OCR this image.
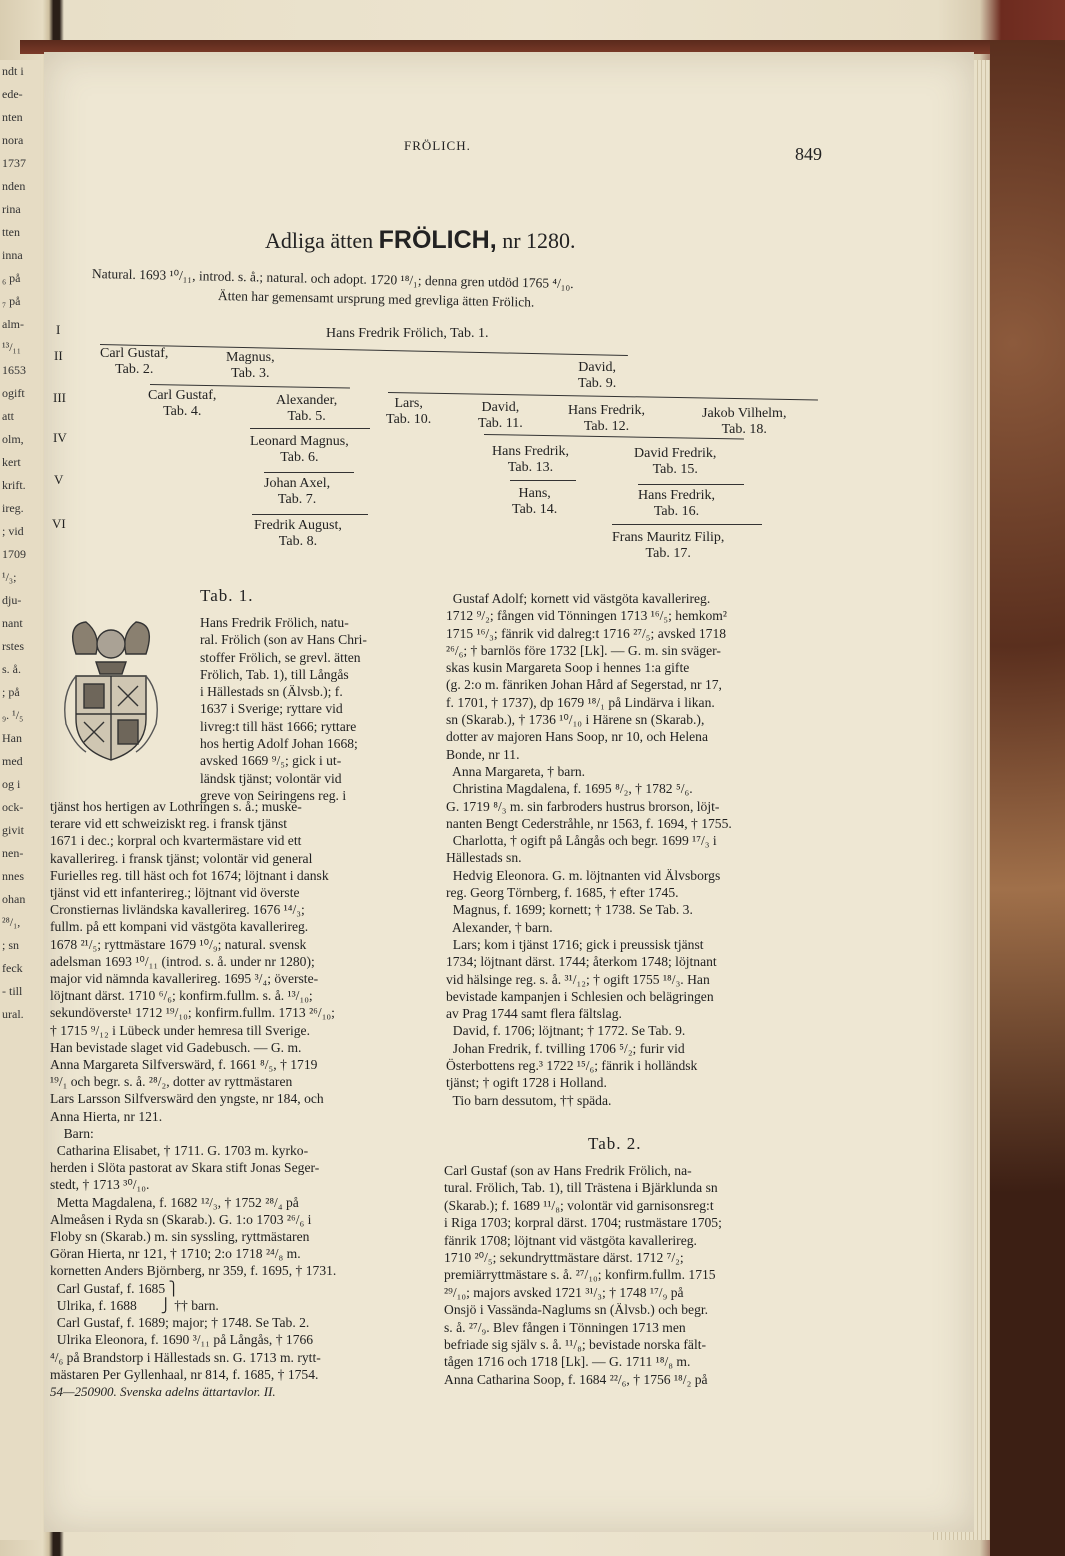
ndt i
ede-
nten
nora
1737
nden
rina
tten
inna
₆ på
₇ på
alm-
¹³/₁₁
1653
ogift
att
olm,
kert
krift.
ireg.
; vid
1709
¹/₃;
dju-
nant
rstes
s. å.
; på
₉. ¹/₅
Han
med
og i
ock-
givit
nen-
nnes
ohan
²⁸/₁,
; sn
feck
- till
ural.
FRÖLICH.	849
Adliga ätten FRÖLICH, nr 1280.
Natural. 1693 ¹⁰/₁₁, introd. s. å.; natural. och adopt. 1720 ¹⁸/₁; denna gren utdöd 1765 ⁴/₁₀.
Ätten har gemensamt ursprung med grevliga ätten Frölich.
I
II
III
IV
V
VI
Hans Fredrik Frölich, Tab. 1.
Carl Gustaf,
Tab. 2.
Magnus,
Tab. 3.	David,
Tab. 9.
Carl Gustaf,
Tab. 4.
Alexander,
Tab. 5.
Lars,
Tab. 10.
David,
Tab. 11.
Hans Fredrik,
Tab. 12.
Jakob Vilhelm,
Tab. 18.
Leonard Magnus,
Tab. 6.	Hans Fredrik,
Tab. 13.
David Fredrik,
Tab. 15.
Johan Axel,
Tab. 7.	Hans,
Tab. 14.
Hans Fredrik,
Tab. 16.
Fredrik August,
Tab. 8.	Frans Mauritz Filip,
Tab. 17.
Tab. 1.
Hans Fredrik Frölich, natu-
ral. Frölich (son av Hans Chri-
stoffer Frölich, se grevl. ätten
Frölich, Tab. 1), till Långås
i Hällestads sn (Älvsb.); f.
1637 i Sverige; ryttare vid
livreg:t till häst 1666; ryttare
hos hertig Adolf Johan 1668;
avsked 1669 ⁹/₅; gick i ut-
ländsk tjänst; volontär vid
greve von Seiringens reg. i
tjänst hos hertigen av Lothringen s. å.; muske-
terare vid ett schweiziskt reg. i fransk tjänst
1671 i dec.; korpral och kvartermästare vid ett
kavallerireg. i fransk tjänst; volontär vid general
Furielles reg. till häst och fot 1674; löjtnant i dansk
tjänst vid ett infanterireg.; löjtnant vid överste
Cronstiernas livländska kavallerireg. 1676 ¹⁴/₃;
fullm. på ett kompani vid västgöta kavallerireg.
1678 ²¹/₅; ryttmästare 1679 ¹⁰/₉; natural. svensk
adelsman 1693 ¹⁰/₁₁ (introd. s. å. under nr 1280);
major vid nämnda kavallerireg. 1695 ³/₄; överste-
löjtnant därst. 1710 ⁶/₆; konfirm.fullm. s. å. ¹³/₁₀;
sekundöverste¹ 1712 ¹⁹/₁₀; konfirm.fullm. 1713 ²⁶/₁₀;
† 1715 ⁹/₁₂ i Lübeck under hemresa till Sverige.
Han bevistade slaget vid Gadebusch. — G. m.
Anna Margareta Silfverswärd, f. 1661 ⁸/₅, † 1719
¹⁹/₁ och begr. s. å. ²⁸/₂, dotter av ryttmästaren
Lars Larsson Silfverswärd den yngste, nr 184, och
Anna Hierta, nr 121.
Barn:
Catharina Elisabet, † 1711. G. 1703 m. kyrko-
herden i Slöta pastorat av Skara stift Jonas Seger-
stedt, † 1713 ³⁰/₁₀.
Metta Magdalena, f. 1682 ¹²/₃, † 1752 ²⁸/₄ på
Almeåsen i Ryda sn (Skarab.). G. 1:o 1703 ²⁶/₆ i
Floby sn (Skarab.) m. sin syssling, ryttmästaren
Göran Hierta, nr 121, † 1710; 2:o 1718 ²⁴/₈ m.
kornetten Anders Björnberg, nr 359, f. 1695, † 1731.
Carl Gustaf, f. 1685 ⎫
Ulrika, f. 1688       ⎭ †† barn.
Carl Gustaf, f. 1689; major; † 1748. Se Tab. 2.
Ulrika Eleonora, f. 1690 ³/₁₁ på Långås, † 1766
⁴/₆ på Brandstorp i Hällestads sn. G. 1713 m. rytt-
mästaren Per Gyllenhaal, nr 814, f. 1685, † 1754.
Gustaf Adolf; kornett vid västgöta kavallerireg.
1712 ⁹/₂; fången vid Tönningen 1713 ¹⁶/₅; hemkom²
1715 ¹⁶/₃; fänrik vid dalreg:t 1716 ²⁷/₅; avsked 1718
²⁶/₆; † barnlös före 1732 [Lk]. — G. m. sin sväger-
skas kusin Margareta Soop i hennes 1:a gifte
(g. 2:o m. fänriken Johan Hård af Segerstad, nr 17,
f. 1701, † 1737), dp 1679 ¹⁸/₁ på Lindärva i likan.
sn (Skarab.), † 1736 ¹⁰/₁₀ i Härene sn (Skarab.),
dotter av majoren Hans Soop, nr 10, och Helena
Bonde, nr 11.
Anna Margareta, † barn.
Christina Magdalena, f. 1695 ⁸/₂, † 1782 ⁵/₆.
G. 1719 ⁸/₃ m. sin farbroders hustrus brorson, löjt-
nanten Bengt Cederstråhle, nr 1563, f. 1694, † 1755.
Charlotta, † ogift på Långås och begr. 1699 ¹⁷/₃ i
Hällestads sn.
Hedvig Eleonora. G. m. löjtnanten vid Älvsborgs
reg. Georg Törnberg, f. 1685, † efter 1745.
Magnus, f. 1699; kornett; † 1738. Se Tab. 3.
Alexander, † barn.
Lars; kom i tjänst 1716; gick i preussisk tjänst
1734; löjtnant därst. 1744; återkom 1748; löjtnant
vid hälsinge reg. s. å. ³¹/₁₂; † ogift 1755 ¹⁸/₃. Han
bevistade kampanjen i Schlesien och belägringen
av Prag 1744 samt flera fältslag.
David, f. 1706; löjtnant; † 1772. Se Tab. 9.
Johan Fredrik, f. tvilling 1706 ⁵/₂; furir vid
Österbottens reg.³ 1722 ¹⁵/₆; fänrik i holländsk
tjänst; † ogift 1728 i Holland.
Tio barn dessutom, †† späda.
Tab. 2.
Carl Gustaf (son av Hans Fredrik Frölich, na-
tural. Frölich, Tab. 1), till Trästena i Bjärklunda sn
(Skarab.); f. 1689 ¹¹/₈; volontär vid garnisonsreg:t
i Riga 1703; korpral därst. 1704; rustmästare 1705;
fänrik 1708; löjtnant vid västgöta kavallerireg.
1710 ²⁰/₅; sekundryttmästare därst. 1712 ⁷/₂;
premiärryttmästare s. å. ²⁷/₁₀; konfirm.fullm. 1715
²⁹/₁₀; majors avsked 1721 ³¹/₃; † 1748 ¹⁷/₉ på
Onsjö i Vassända-Naglums sn (Älvsb.) och begr.
s. å. ²⁷/₉. Blev fången i Tönningen 1713 men
befriade sig själv s. å. ¹¹/₈; bevistade norska fält-
tågen 1716 och 1718 [Lk]. — G. 1711 ¹⁸/₈ m.
Anna Catharina Soop, f. 1684 ²²/₆, † 1756 ¹⁸/₂ på
54—250900. Svenska adelns ättartavlor. II.
